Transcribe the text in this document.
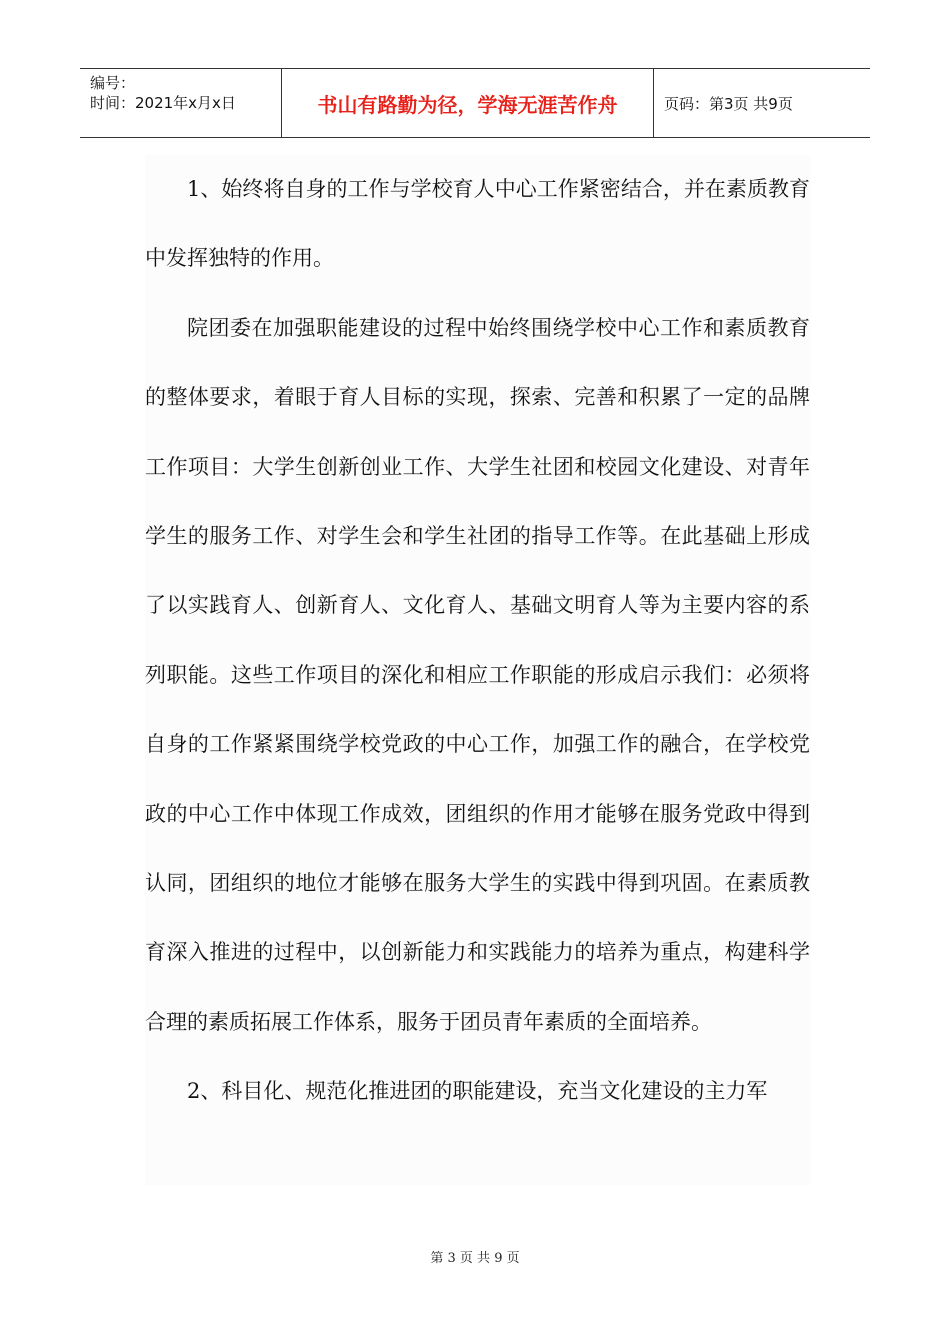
编号：
时间：2021年x月x日	书山有路勤为径，学海无涯苦作舟	页码：第3页 共9页

1、始终将自身的工作与学校育人中心工作紧密结合，并在素质教育中发挥独特的作用。

院团委在加强职能建设的过程中始终围绕学校中心工作和素质教育的整体要求，着眼于育人目标的实现，探索、完善和积累了一定的品牌工作项目：大学生创新创业工作、大学生社团和校园文化建设、对青年学生的服务工作、对学生会和学生社团的指导工作等。在此基础上形成了以实践育人、创新育人、文化育人、基础文明育人等为主要内容的系列职能。这些工作项目的深化和相应工作职能的形成启示我们：必须将自身的工作紧紧围绕学校党政的中心工作，加强工作的融合，在学校党政的中心工作中体现工作成效，团组织的作用才能够在服务党政中得到认同，团组织的地位才能够在服务大学生的实践中得到巩固。在素质教育深入推进的过程中，以创新能力和实践能力的培养为重点，构建科学合理的素质拓展工作体系，服务于团员青年素质的全面培养。

2、科目化、规范化推进团的职能建设，充当文化建设的主力军

第 3 页 共 9 页
